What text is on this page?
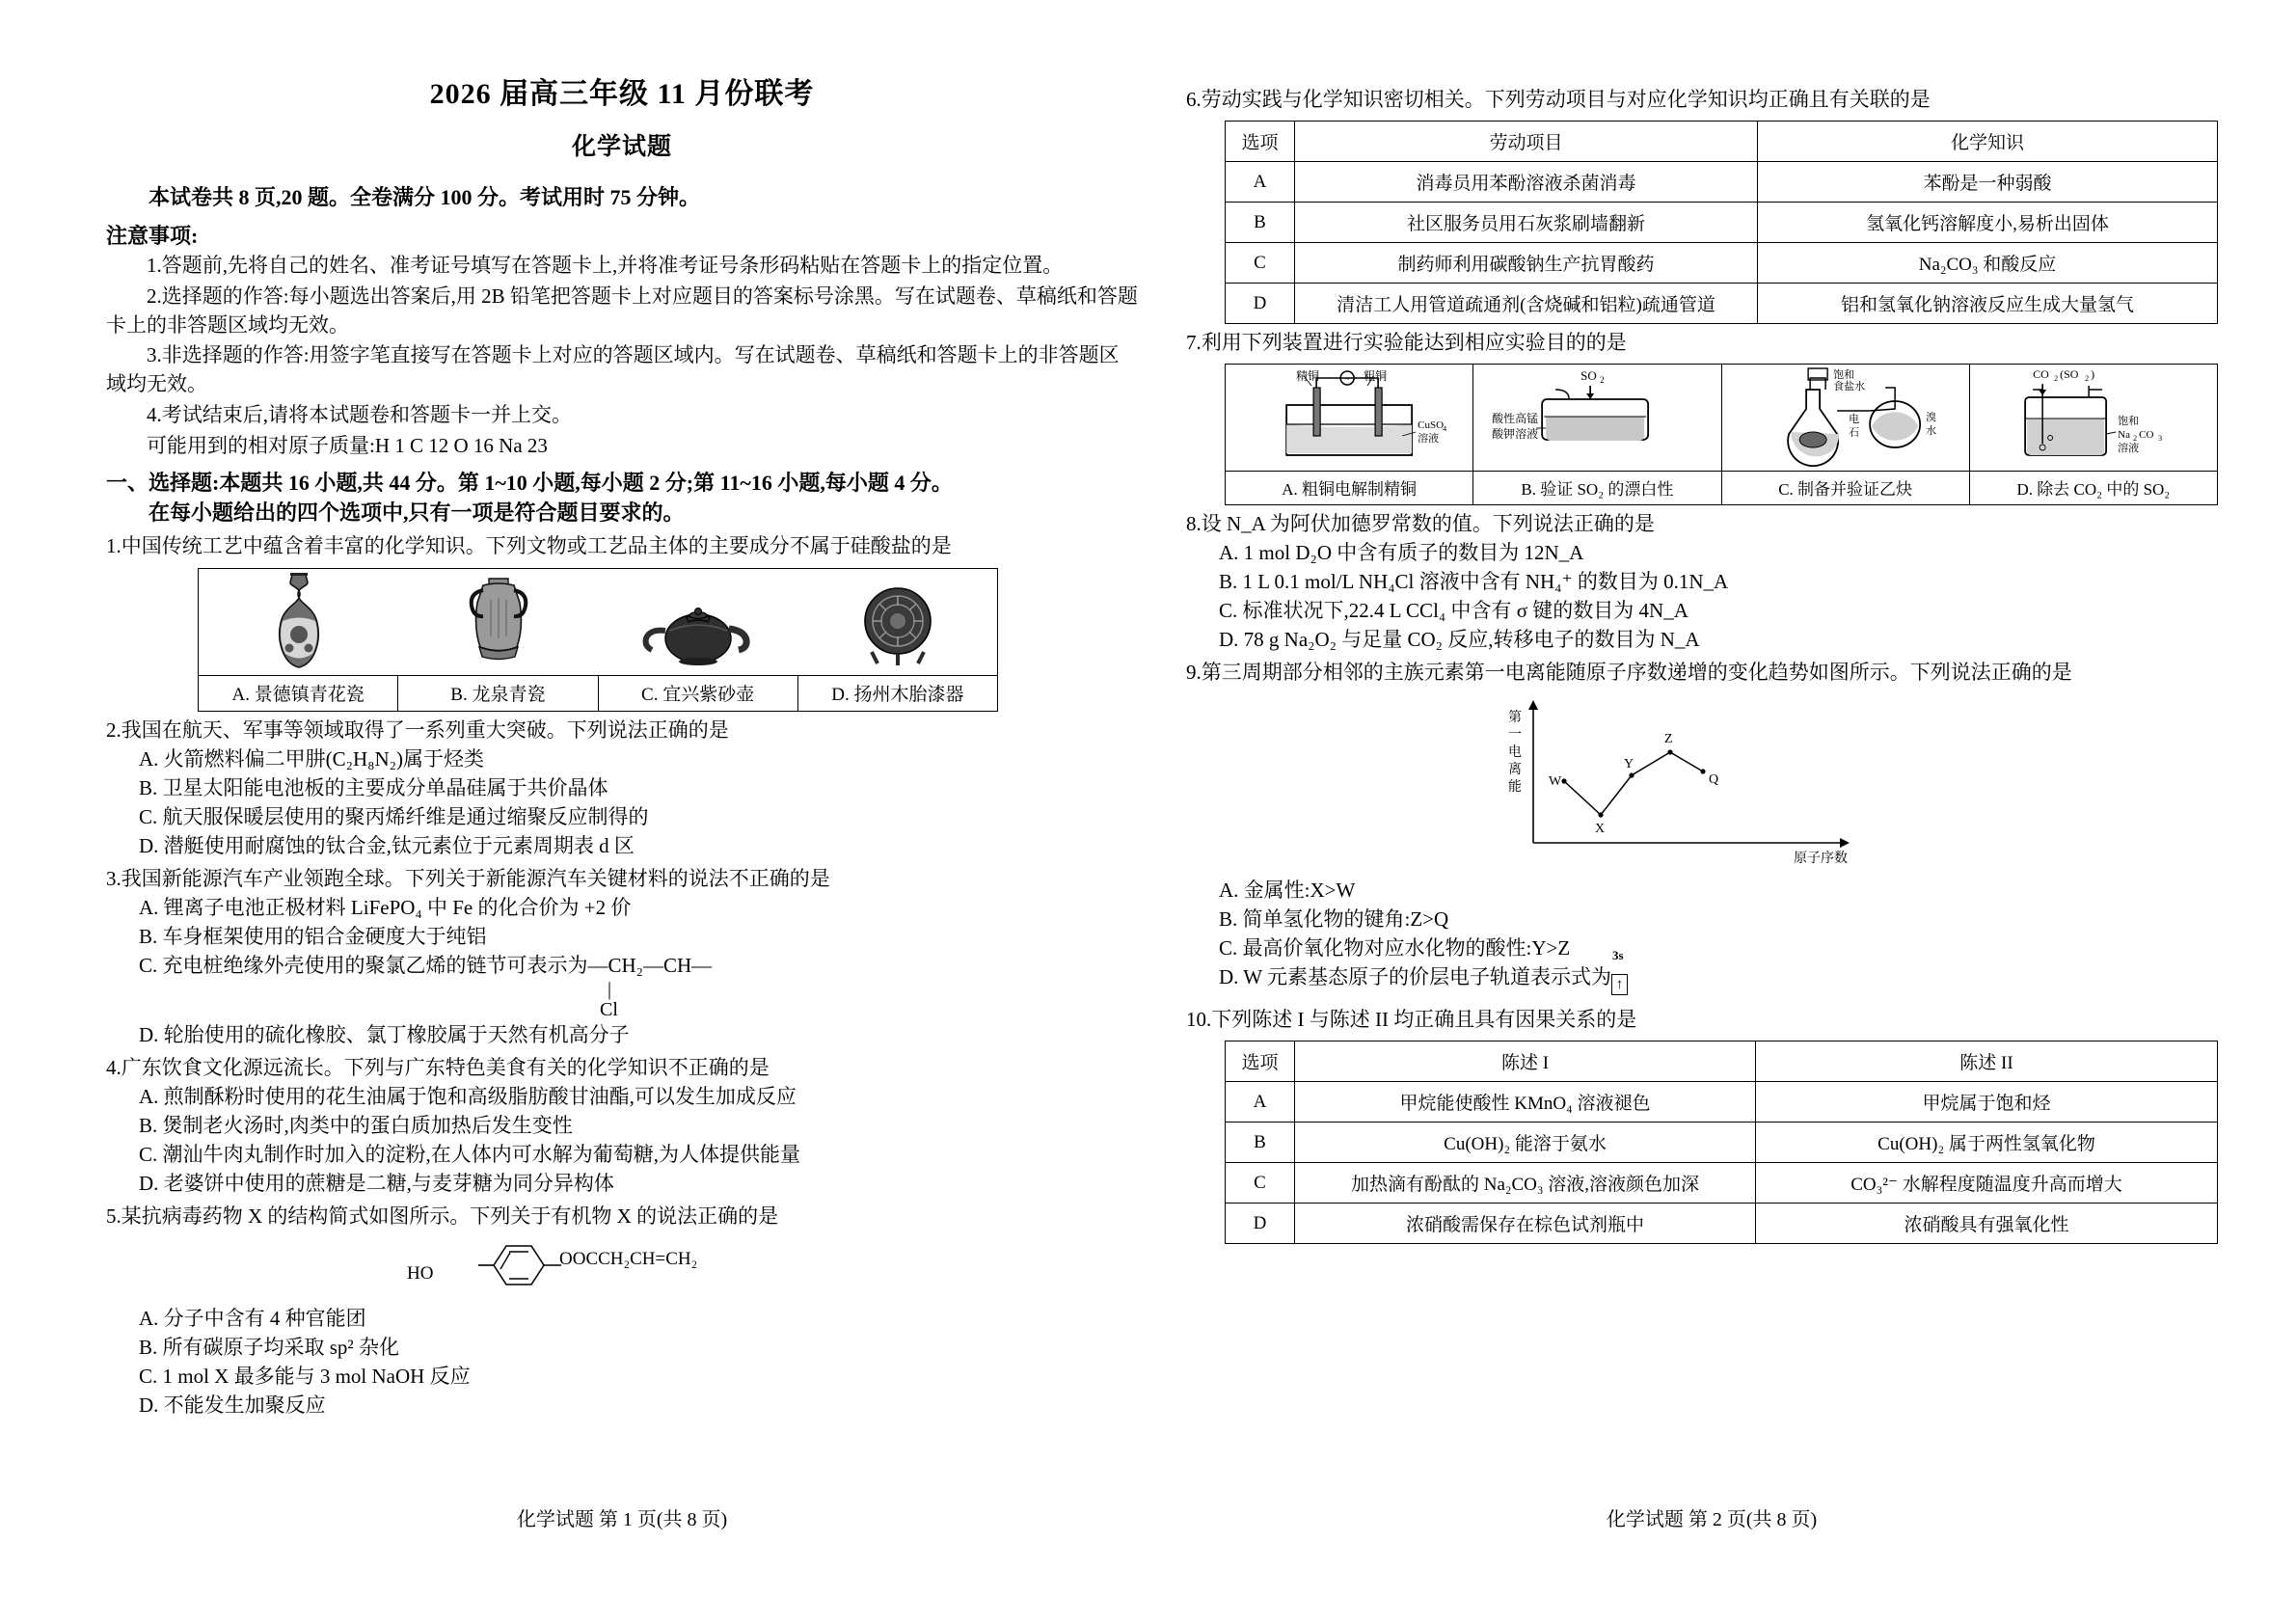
2026 届高三年级 11 月份联考
化学试题
本试卷共 8 页,20 题。全卷满分 100 分。考试用时 75 分钟。
注意事项:
1.答题前,先将自己的姓名、准考证号填写在答题卡上,并将准考证号条形码粘贴在答题卡上的指定位置。
2.选择题的作答:每小题选出答案后,用 2B 铅笔把答题卡上对应题目的答案标号涂黑。写在试题卷、草稿纸和答题卡上的非答题区域均无效。
3.非选择题的作答:用签字笔直接写在答题卡上对应的答题区域内。写在试题卷、草稿纸和答题卡上的非答题区域均无效。
4.考试结束后,请将本试题卷和答题卡一并上交。
可能用到的相对原子质量:H 1 C 12 O 16 Na 23
一、选择题:本题共 16 小题,共 44 分。第 1~10 小题,每小题 2 分;第 11~16 小题,每小题 4 分。
在每小题给出的四个选项中,只有一项是符合题目要求的。
1.中国传统工艺中蕴含着丰富的化学知识。下列文物或工艺品主体的主要成分不属于硅酸盐的是
A. 景德镇青花瓷	B. 龙泉青瓷	C. 宜兴紫砂壶	D. 扬州木胎漆器
2.我国在航天、军事等领域取得了一系列重大突破。下列说法正确的是
A. 火箭燃料偏二甲肼(C₂H₈N₂)属于烃类
B. 卫星太阳能电池板的主要成分单晶硅属于共价晶体
C. 航天服保暖层使用的聚丙烯纤维是通过缩聚反应制得的
D. 潜艇使用耐腐蚀的钛合金,钛元素位于元素周期表 d 区
3.我国新能源汽车产业领跑全球。下列关于新能源汽车关键材料的说法不正确的是
A. 锂离子电池正极材料 LiFePO₄ 中 Fe 的化合价为 +2 价
B. 车身框架使用的铝合金硬度大于纯铝
C. 充电桩绝缘外壳使用的聚氯乙烯的链节可表示为—CH₂—CH—
|
Cl
D. 轮胎使用的硫化橡胶、氯丁橡胶属于天然有机高分子
4.广东饮食文化源远流长。下列与广东特色美食有关的化学知识不正确的是
A. 煎制酥粉时使用的花生油属于饱和高级脂肪酸甘油酯,可以发生加成反应
B. 煲制老火汤时,肉类中的蛋白质加热后发生变性
C. 潮汕牛肉丸制作时加入的淀粉,在人体内可水解为葡萄糖,为人体提供能量
D. 老婆饼中使用的蔗糖是二糖,与麦芽糖为同分异构体
5.某抗病毒药物 X 的结构简式如图所示。下列关于有机物 X 的说法正确的是
HO
OOCCH₂CH=CH₂
A. 分子中含有 4 种官能团
B. 所有碳原子均采取 sp² 杂化
C. 1 mol X 最多能与 3 mol NaOH 反应
D. 不能发生加聚反应
6.劳动实践与化学知识密切相关。下列劳动项目与对应化学知识均正确且有关联的是
选项	劳动项目	化学知识
A	消毒员用苯酚溶液杀菌消毒	苯酚是一种弱酸
B	社区服务员用石灰浆刷墙翻新	氢氧化钙溶解度小,易析出固体
C	制药师利用碳酸钠生产抗胃酸药	Na₂CO₃ 和酸反应
D	清洁工人用管道疏通剂(含烧碱和铝粒)疏通管道	铝和氢氧化钠溶液反应生成大量氢气
7.利用下列装置进行实验能达到相应实验目的的是
~
精铜	粗铜
CuSO 4
溶液
A. 粗铜电解制精铜
SO 2
酸性高锰
酸钾溶液
B. 验证 SO₂ 的漂白性
饱和
食盐水
电
石
溴
水
C. 制备并验证乙炔
CO 2 (SO 2 )
饱和
Na 2 CO 3
溶液
D. 除去 CO₂ 中的 SO₂
8.设 N_A 为阿伏加德罗常数的值。下列说法正确的是
A. 1 mol D₂O 中含有质子的数目为 12N_A
B. 1 L 0.1 mol/L NH₄Cl 溶液中含有 NH₄⁺ 的数目为 0.1N_A
C. 标准状况下,22.4 L CCl₄ 中含有 σ 键的数目为 4N_A
D. 78 g Na₂O₂ 与足量 CO₂ 反应,转移电子的数目为 N_A
9.第三周期部分相邻的主族元素第一电离能随原子序数递增的变化趋势如图所示。下列说法正确的是
第
一
电
离
能
原子序数
W
X
Y
Z
Q
A. 金属性:X>W
B. 简单氢化物的键角:Z>Q
C. 最高价氧化物对应水化物的酸性:Y>Z
D. W 元素基态原子的价层电子轨道表示式为
3s
↑
10.下列陈述 I 与陈述 II 均正确且具有因果关系的是
选项	陈述 I	陈述 II
A	甲烷能使酸性 KMnO₄ 溶液褪色	甲烷属于饱和烃
B	Cu(OH)₂ 能溶于氨水	Cu(OH)₂ 属于两性氢氧化物
C	加热滴有酚酞的 Na₂CO₃ 溶液,溶液颜色加深	CO₃²⁻ 水解程度随温度升高而增大
D	浓硝酸需保存在棕色试剂瓶中	浓硝酸具有强氧化性
化学试题 第 1 页(共 8 页)	化学试题 第 2 页(共 8 页)
